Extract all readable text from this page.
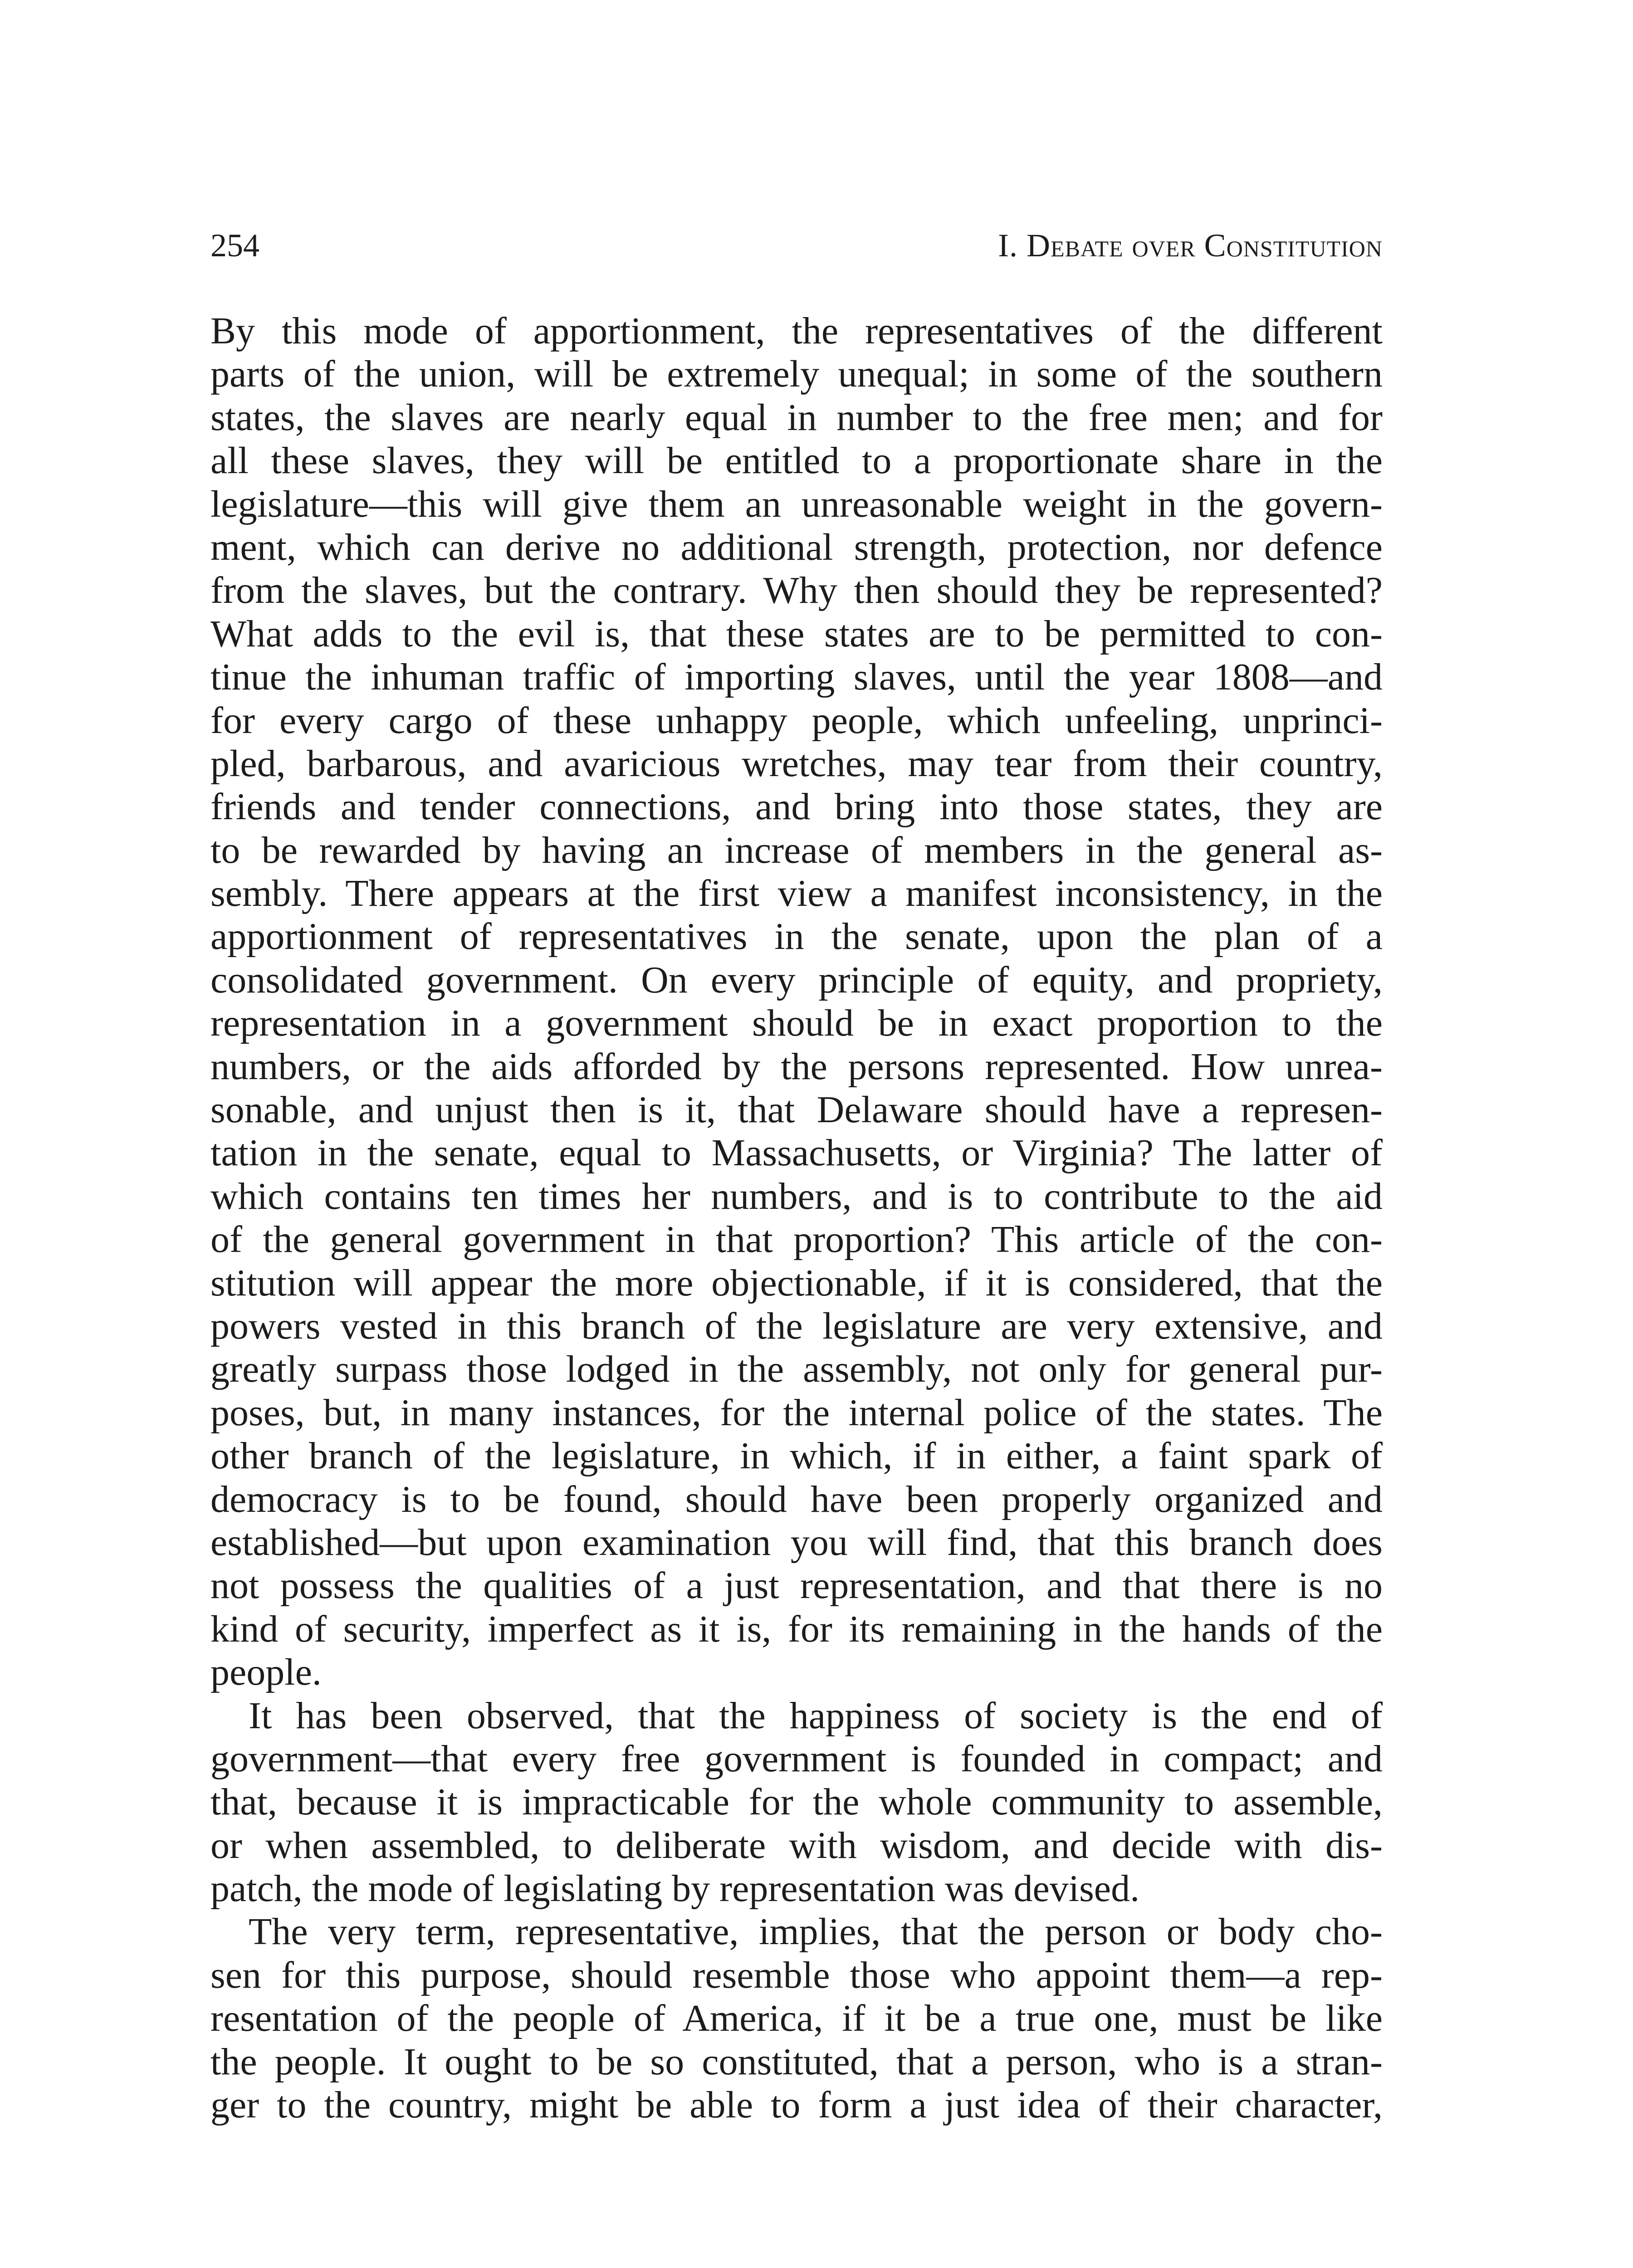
254	I. Debate over Constitution
By this mode of apportionment, the representatives of the different
parts of the union, will be extremely unequal; in some of the southern
states, the slaves are nearly equal in number to the free men; and for
all these slaves, they will be entitled to a proportionate share in the
legislature—this will give them an unreasonable weight in the govern-
ment, which can derive no additional strength, protection, nor defence
from the slaves, but the contrary. Why then should they be represented?
What adds to the evil is, that these states are to be permitted to con-
tinue the inhuman traffic of importing slaves, until the year 1808—and
for every cargo of these unhappy people, which unfeeling, unprinci-
pled, barbarous, and avaricious wretches, may tear from their country,
friends and tender connections, and bring into those states, they are
to be rewarded by having an increase of members in the general as-
sembly. There appears at the first view a manifest inconsistency, in the
apportionment of representatives in the senate, upon the plan of a
consolidated government. On every principle of equity, and propriety,
representation in a government should be in exact proportion to the
numbers, or the aids afforded by the persons represented. How unrea-
sonable, and unjust then is it, that Delaware should have a represen-
tation in the senate, equal to Massachusetts, or Virginia? The latter of
which contains ten times her numbers, and is to contribute to the aid
of the general government in that proportion? This article of the con-
stitution will appear the more objectionable, if it is considered, that the
powers vested in this branch of the legislature are very extensive, and
greatly surpass those lodged in the assembly, not only for general pur-
poses, but, in many instances, for the internal police of the states. The
other branch of the legislature, in which, if in either, a faint spark of
democracy is to be found, should have been properly organized and
established—but upon examination you will find, that this branch does
not possess the qualities of a just representation, and that there is no
kind of security, imperfect as it is, for its remaining in the hands of the
people.
It has been observed, that the happiness of society is the end of
government—that every free government is founded in compact; and
that, because it is impracticable for the whole community to assemble,
or when assembled, to deliberate with wisdom, and decide with dis-
patch, the mode of legislating by representation was devised.
The very term, representative, implies, that the person or body cho-
sen for this purpose, should resemble those who appoint them—a rep-
resentation of the people of America, if it be a true one, must be like
the people. It ought to be so constituted, that a person, who is a stran-
ger to the country, might be able to form a just idea of their character,
